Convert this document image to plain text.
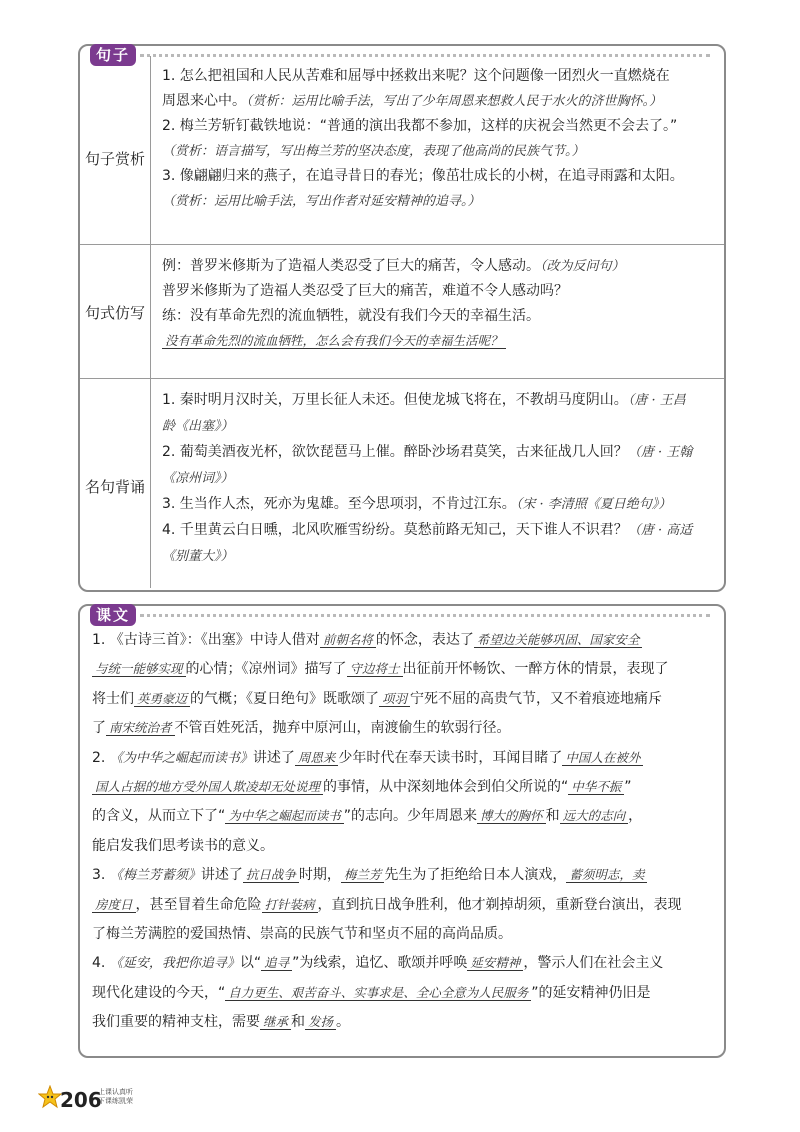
句子
句子赏析
句式仿写
名句背诵
1. 怎么把祖国和人民从苦难和屈辱中拯救出来呢？这个问题像一团烈火一直燃烧在
周恩来心中。（赏析：运用比喻手法，写出了少年周恩来想救人民于水火的济世胸怀。）
2. 梅兰芳斩钉截铁地说：“普通的演出我都不参加，这样的庆祝会当然更不会去了。”
（赏析：语言描写，写出梅兰芳的坚决态度，表现了他高尚的民族气节。）
3. 像翩翩归来的燕子，在追寻昔日的春光；像茁壮成长的小树，在追寻雨露和太阳。
（赏析：运用比喻手法，写出作者对延安精神的追寻。）
例：普罗米修斯为了造福人类忍受了巨大的痛苦，令人感动。（改为反问句）
普罗米修斯为了造福人类忍受了巨大的痛苦，难道不令人感动吗？
练：没有革命先烈的流血牺牲，就没有我们今天的幸福生活。
没有革命先烈的流血牺牲，怎么会有我们今天的幸福生活呢？
1. 秦时明月汉时关，万里长征人未还。但使龙城飞将在，不教胡马度阴山。（唐 · 王昌
龄《出塞》）
2. 葡萄美酒夜光杯，欲饮琵琶马上催。醉卧沙场君莫笑，古来征战几人回？（唐 · 王翰
《凉州词》）
3. 生当作人杰，死亦为鬼雄。至今思项羽，不肯过江东。（宋 · 李清照《夏日绝句》）
4. 千里黄云白日曛，北风吹雁雪纷纷。莫愁前路无知己，天下谁人不识君？（唐 · 高适
《别董大》）
课文
1. 《古诗三首》：《出塞》中诗人借对 前朝名将 的怀念，表达了 希望边关能够巩固、国家安全
与统一能够实现 的心情；《凉州词》描写了 守边将士 出征前开怀畅饮、一醉方休的情景，表现了
将士们 英勇豪迈 的气概；《夏日绝句》既歌颂了 项羽 宁死不屈的高贵气节，又不着痕迹地痛斥
了 南宋统治者 不管百姓死活，抛弃中原河山，南渡偷生的软弱行径。
2. 《为中华之崛起而读书》讲述了 周恩来 少年时代在奉天读书时，耳闻目睹了 中国人在被外
国人占据的地方受外国人欺凌却无处说理 的事情，从中深刻地体会到伯父所说的“ 中华不振 ”
的含义，从而立下了“ 为中华之崛起而读书 ”的志向。少年周恩来 博大的胸怀 和 远大的志向 ，
能启发我们思考读书的意义。
3. 《梅兰芳蓄须》讲述了 抗日战争 时期， 梅兰芳 先生为了拒绝给日本人演戏， 蓄须明志，卖
房度日 ，甚至冒着生命危险 打针装病 ，直到抗日战争胜利，他才剃掉胡须，重新登台演出，表现
了梅兰芳满腔的爱国热情、崇高的民族气节和坚贞不屈的高尚品质。
4. 《延安，我把你追寻》以“ 追寻 ”为线索，追忆、歌颂并呼唤 延安精神 ，警示人们在社会主义
现代化建设的今天，“ 自力更生、艰苦奋斗、实事求是、全心全意为人民服务 ”的延安精神仍旧是
我们重要的精神支柱，需要 继承 和 发扬 。
206
上课认真听
下课练凯荣
